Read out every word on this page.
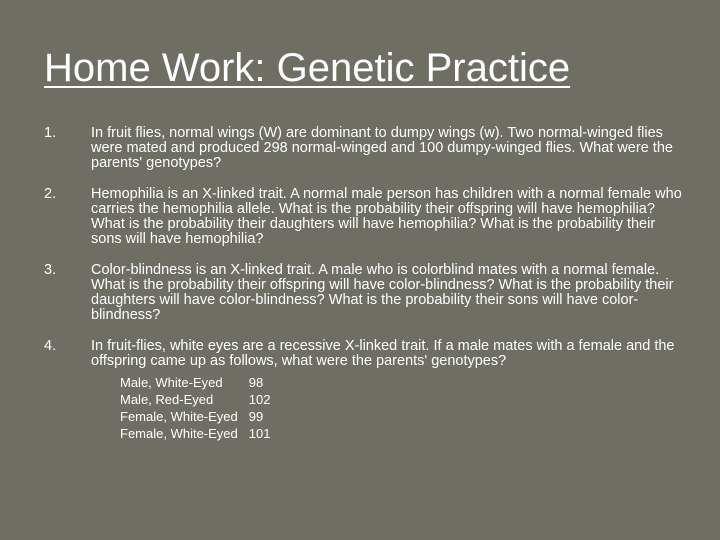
Home Work: Genetic Practice
1. In fruit flies, normal wings (W) are dominant to dumpy wings (w). Two normal-winged flies were mated and produced 298 normal-winged and 100 dumpy-winged flies. What were the parents' genotypes?
2. Hemophilia is an X-linked trait. A normal male person has children with a normal female who carries the hemophilia allele. What is the probability their offspring will have hemophilia? What is the probability their daughters will have hemophilia? What is the probability their sons will have hemophilia?
3. Color-blindness is an X-linked trait. A male who is colorblind mates with a normal female. What is the probability their offspring will have color-blindness? What is the probability their daughters will have color-blindness? What is the probability their sons will have color-blindness?
4. In fruit-flies, white eyes are a recessive X-linked trait. If a male mates with a female and the offspring came up as follows, what were the parents' genotypes?
Male, White-Eyed	98
Male, Red-Eyed	102
Female, White-Eyed	99
Female, White-Eyed	101
